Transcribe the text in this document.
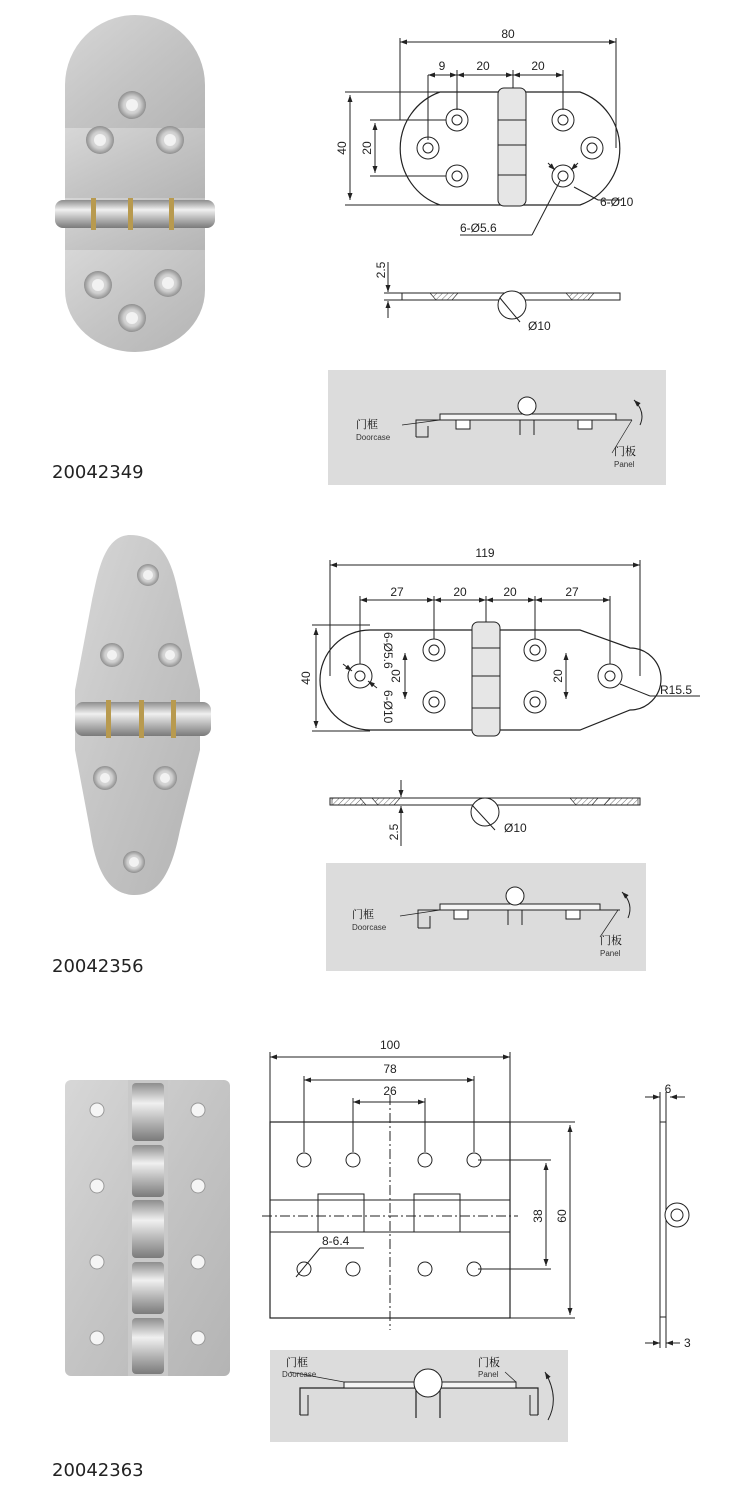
80
9	20	20
40 20
6-Ø10
6-Ø5.6
2.5
Ø10
门框
Doorcase
门板
Panel
20042349
119
27	20	20	27
40	20	20
6-Ø5.6
6-Ø10	R15.5
2.5	Ø10
门框
Doorcase
门板
Panel
20042356
100
78
26
60
38
8-6.4
6
3
门框
Doorcase
门板
Panel
20042363
